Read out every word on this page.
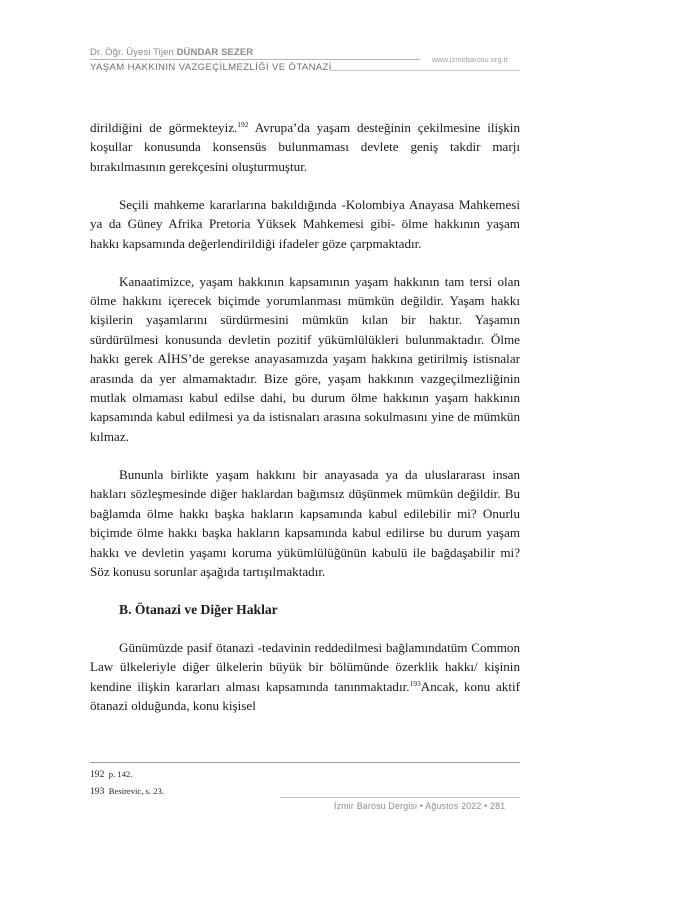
Dr. Öğr. Üyesi Tijen DÜNDAR SEZER
www.izmirbarosu.org.tr
YAŞAM HAKKININ VAZGEÇİLMEZLİĞİ VE ÖTANAZİ

dirildiğini de görmekteyiz.$^{192}$ Avrupa’da yaşam desteğinin çekilmesine ilişkin koşullar konusunda konsensüs bulunmaması devlete geniş takdir marjı bırakılmasının gerekçesini oluşturmuştur.

Seçili mahkeme kararlarına bakıldığında -Kolombiya Anayasa Mahkemesi ya da Güney Afrika Pretoria Yüksek Mahkemesi gibi- ölme hakkının yaşam hakkı kapsamında değerlendirildiği ifadeler göze çarpmaktadır.

Kanaatimizce, yaşam hakkının kapsamının yaşam hakkının tam tersi olan ölme hakkını içerecek biçimde yorumlanması mümkün değildir. Yaşam hakkı kişilerin yaşamlarını sürdürmesini mümkün kılan bir haktır. Yaşamın sürdürülmesi konusunda devletin pozitif yükümlülükleri bulunmaktadır. Ölme hakkı gerek AİHS’de gerekse anayasamızda yaşam hakkına getirilmiş istisnalar arasında da yer almamaktadır. Bize göre, yaşam hakkının vazgeçilmezliğinin mutlak olmaması kabul edilse dahi, bu durum ölme hakkının yaşam hakkının kapsamında kabul edilmesi ya da istisnaları arasına sokulmasını yine de mümkün kılmaz.

Bununla birlikte yaşam hakkını bir anayasada ya da uluslararası insan hakları sözleşmesinde diğer haklardan bağımsız düşünmek mümkün değildir. Bu bağlamda ölme hakkı başka hakların kapsamında kabul edilebilir mi? Onurlu biçimde ölme hakkı başka hakların kapsamında kabul edilirse bu durum yaşam hakkı ve devletin yaşamı koruma yükümlülüğünün kabulü ile bağdaşabilir mi? Söz konusu sorunlar aşağıda tartışılmaktadır.

B. Ötanazi ve Diğer Haklar

Günümüzde pasif ötanazi -tedavinin reddedilmesi bağlamındatüm Common Law ülkeleriyle diğer ülkelerin büyük bir bölümünde özerklik hakkı/ kişinin kendine ilişkin kararları alması kapsamında tanınmaktadır.$^{193}$Ancak, konu aktif ötanazi olduğunda, konu kişisel

192 p. 142.
193 Besirevic, s. 23.
İzmir Barosu Dergisi • Ağustos 2022 • 281
